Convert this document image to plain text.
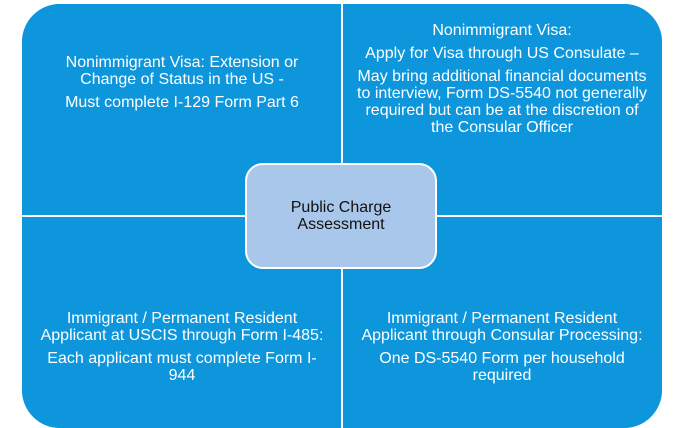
Nonimmigrant Visa: Extension or Change of Status in the US -

Must complete I-129 Form Part 6

Nonimmigrant Visa:

Apply for Visa through US Consulate –

May bring additional financial documents to interview, Form DS-5540 not generally required but can be at the discretion of the Consular Officer

Immigrant / Permanent Resident Applicant at USCIS through Form I-485:

Each applicant must complete Form I-944

Immigrant / Permanent Resident Applicant through Consular Processing:

One DS-5540 Form per household required

Public Charge Assessment
